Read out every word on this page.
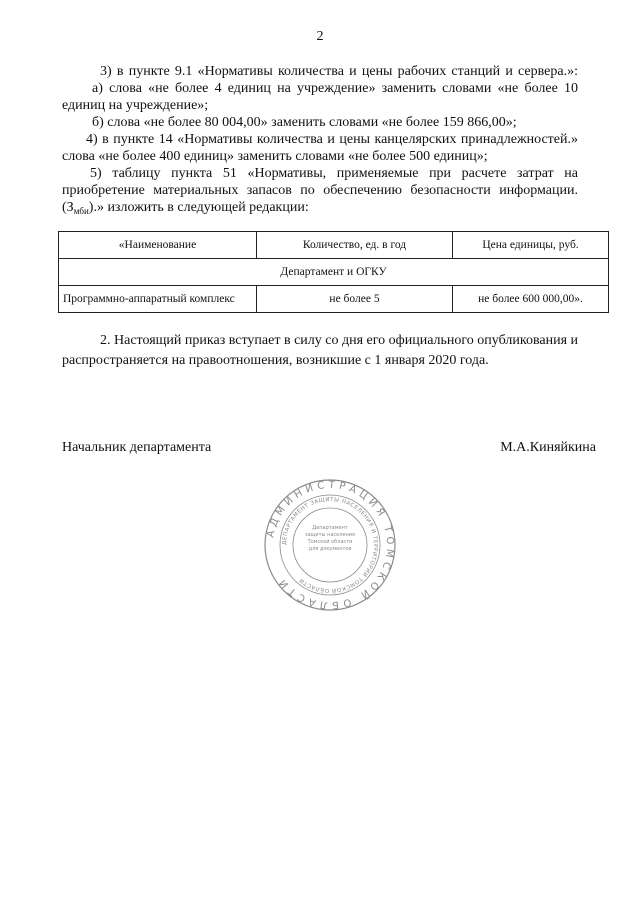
2

3) в пункте 9.1 «Нормативы количества и цены рабочих станций и сервера.»:

а) слова «не более 4 единиц на учреждение» заменить словами «не более 10 единиц на учреждение»;

б) слова «не более 80 004,00» заменить словами «не более 159 866,00»;

4) в пункте 14 «Нормативы количества и цены канцелярских принадлежностей.» слова «не более 400 единиц» заменить словами «не более 500 единиц»;

5) таблицу пункта 51 «Нормативы, применяемые при расчете затрат на приобретение материальных запасов по обеспечению безопасности информации. $(З_{мби})$.» изложить в следующей редакции:

«Наименование	Количество, ед. в год	Цена единицы, руб.
Департамент и ОГКУ		
Программно-аппаратный комплекс	не более 5	не более 600 000,00».

2. Настоящий приказ вступает в силу со дня его официального опубликования и распространяется на правоотношения, возникшие с 1 января 2020 года.

Начальник департамента	М.А.Киняйкина
АДМИНИСТРАЦИЯ ТОМСКОЙ ОБЛАСТИ
ДЕПАРТАМЕНТ ЗАЩИТЫ НАСЕЛЕНИЯ И ТЕРРИТОРИИ ТОМСКОЙ ОБЛАСТИ
Департамент защиты населения Томской области для документов
